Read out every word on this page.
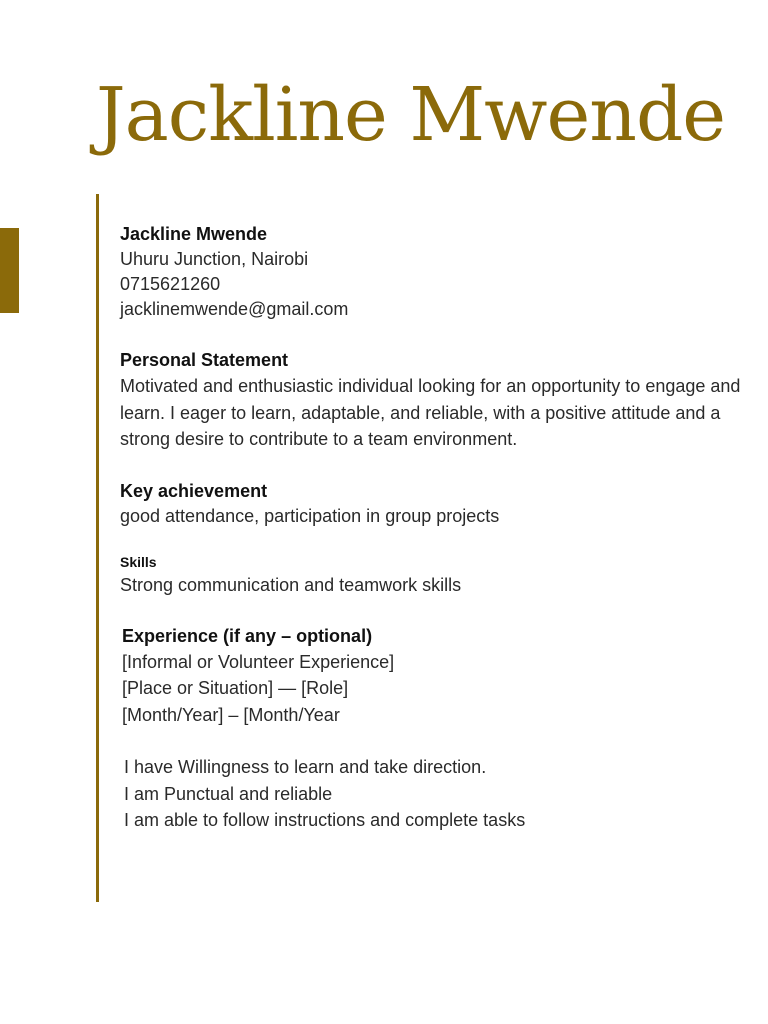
Jackline Mwende
Jackline Mwende
Uhuru Junction, Nairobi
0715621260
jacklinemwende@gmail.com
Personal Statement
Motivated and enthusiastic individual looking for an opportunity to engage and learn. I eager to learn, adaptable, and reliable, with a positive attitude and a strong desire to contribute to a team environment.
Key achievement
good attendance, participation in group projects
Skills
Strong communication and teamwork skills
Experience (if any – optional)
[Informal or Volunteer Experience]
[Place or Situation] — [Role]
[Month/Year] – [Month/Year
I have Willingness to learn and take direction.
I am Punctual and reliable
I am able to follow instructions and complete tasks
